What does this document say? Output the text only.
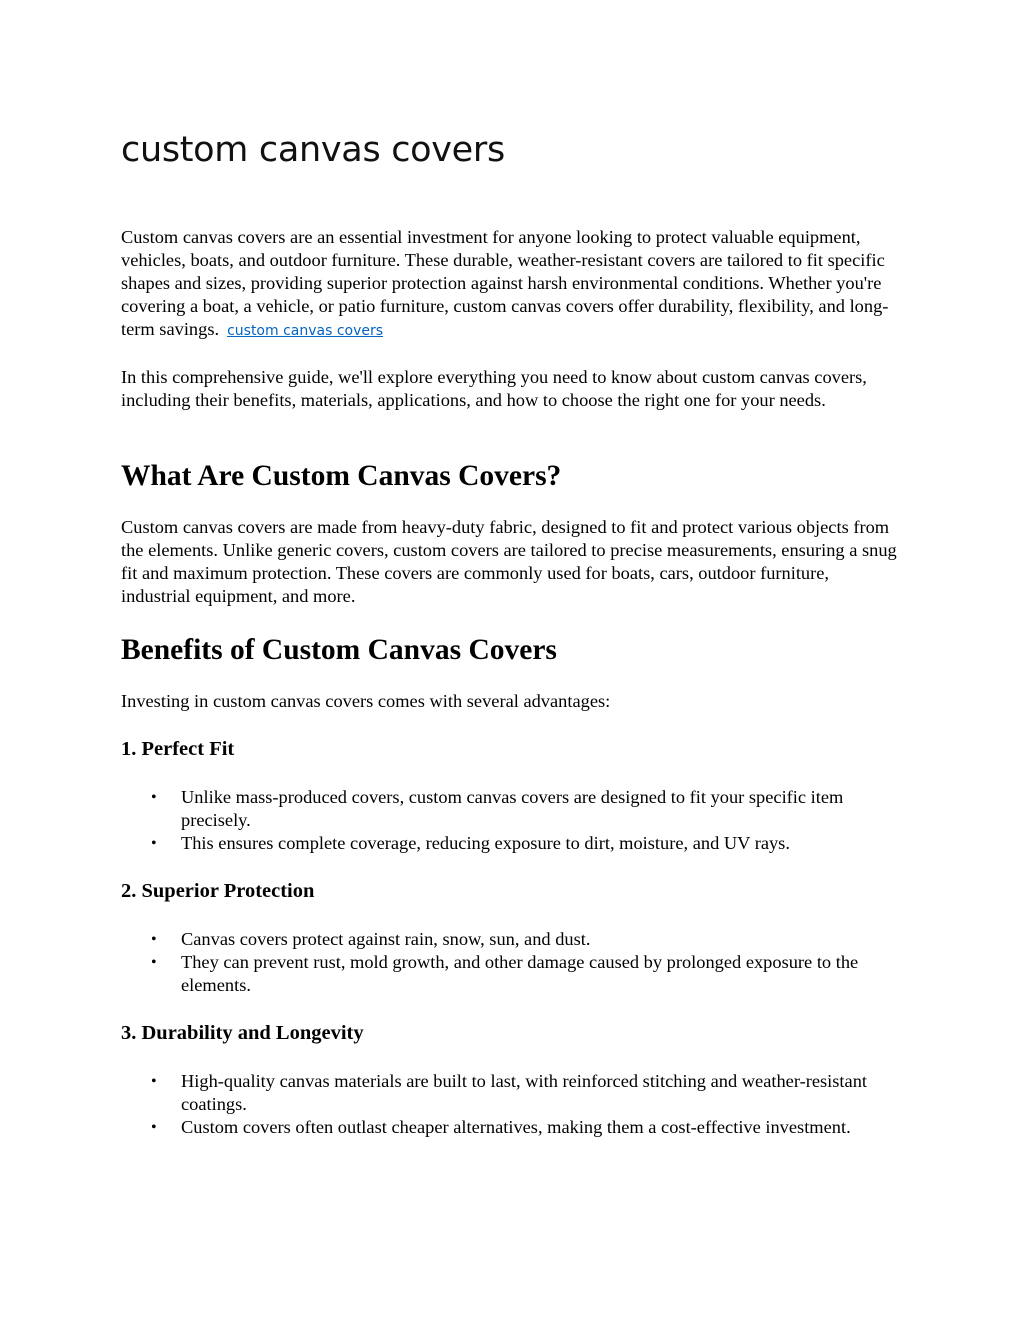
custom canvas covers

Custom canvas covers are an essential investment for anyone looking to protect valuable equipment, vehicles, boats, and outdoor furniture. These durable, weather-resistant covers are tailored to fit specific shapes and sizes, providing superior protection against harsh environmental conditions. Whether you're covering a boat, a vehicle, or patio furniture, custom canvas covers offer durability, flexibility, and long-term savings. custom canvas covers

In this comprehensive guide, we'll explore everything you need to know about custom canvas covers, including their benefits, materials, applications, and how to choose the right one for your needs.

What Are Custom Canvas Covers?

Custom canvas covers are made from heavy-duty fabric, designed to fit and protect various objects from the elements. Unlike generic covers, custom covers are tailored to precise measurements, ensuring a snug fit and maximum protection. These covers are commonly used for boats, cars, outdoor furniture, industrial equipment, and more.

Benefits of Custom Canvas Covers

Investing in custom canvas covers comes with several advantages:

1. Perfect Fit
• Unlike mass-produced covers, custom canvas covers are designed to fit your specific item precisely.
• This ensures complete coverage, reducing exposure to dirt, moisture, and UV rays.
2. Superior Protection
• Canvas covers protect against rain, snow, sun, and dust.
• They can prevent rust, mold growth, and other damage caused by prolonged exposure to the elements.
3. Durability and Longevity
• High-quality canvas materials are built to last, with reinforced stitching and weather-resistant coatings.
• Custom covers often outlast cheaper alternatives, making them a cost-effective investment.
